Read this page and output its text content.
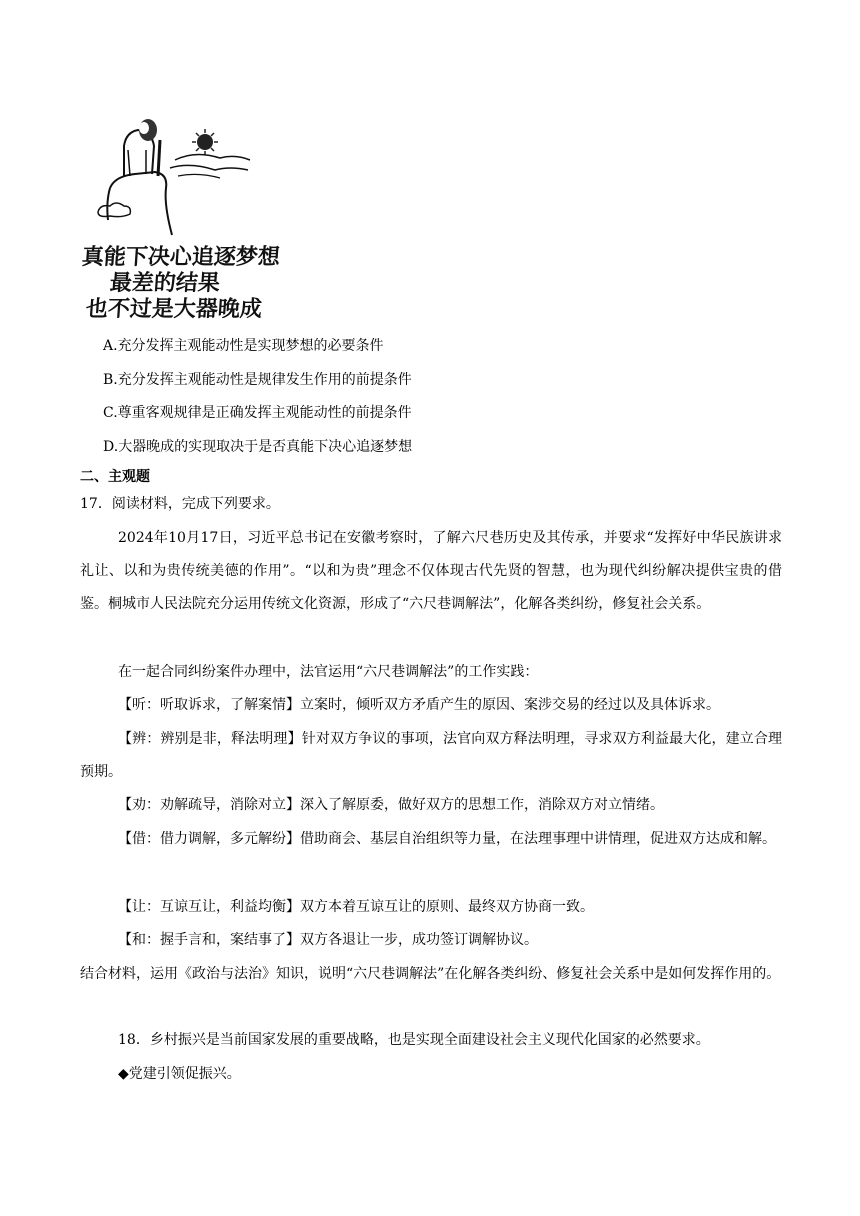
真能下决心追逐梦想
最差的结果
也不过是大器晚成
A.充分发挥主观能动性是实现梦想的必要条件
B.充分发挥主观能动性是规律发生作用的前提条件
C.尊重客观规律是正确发挥主观能动性的前提条件
D.大器晚成的实现取决于是否真能下决心追逐梦想
二、主观题
17．阅读材料，完成下列要求。
2024年10月17日，习近平总书记在安徽考察时，了解六尺巷历史及其传承，并要求“发挥好中华民族讲求礼让、以和为贵传统美德的作用”。“以和为贵”理念不仅体现古代先贤的智慧，也为现代纠纷解决提供宝贵的借鉴。桐城市人民法院充分运用传统文化资源，形成了“六尺巷调解法”，化解各类纠纷，修复社会关系。
在一起合同纠纷案件办理中，法官运用“六尺巷调解法”的工作实践：
【听：听取诉求，了解案情】立案时，倾听双方矛盾产生的原因、案涉交易的经过以及具体诉求。
【辨：辨别是非，释法明理】针对双方争议的事项，法官向双方释法明理，寻求双方利益最大化，建立合理预期。
【劝：劝解疏导，消除对立】深入了解原委，做好双方的思想工作，消除双方对立情绪。
【借：借力调解，多元解纷】借助商会、基层自治组织等力量，在法理事理中讲情理，促进双方达成和解。
【让：互谅互让，利益均衡】双方本着互谅互让的原则、最终双方协商一致。
【和：握手言和，案结事了】双方各退让一步，成功签订调解协议。
结合材料，运用《政治与法治》知识，说明“六尺巷调解法”在化解各类纠纷、修复社会关系中是如何发挥作用的。
18．乡村振兴是当前国家发展的重要战略，也是实现全面建设社会主义现代化国家的必然要求。
◆党建引领促振兴。
